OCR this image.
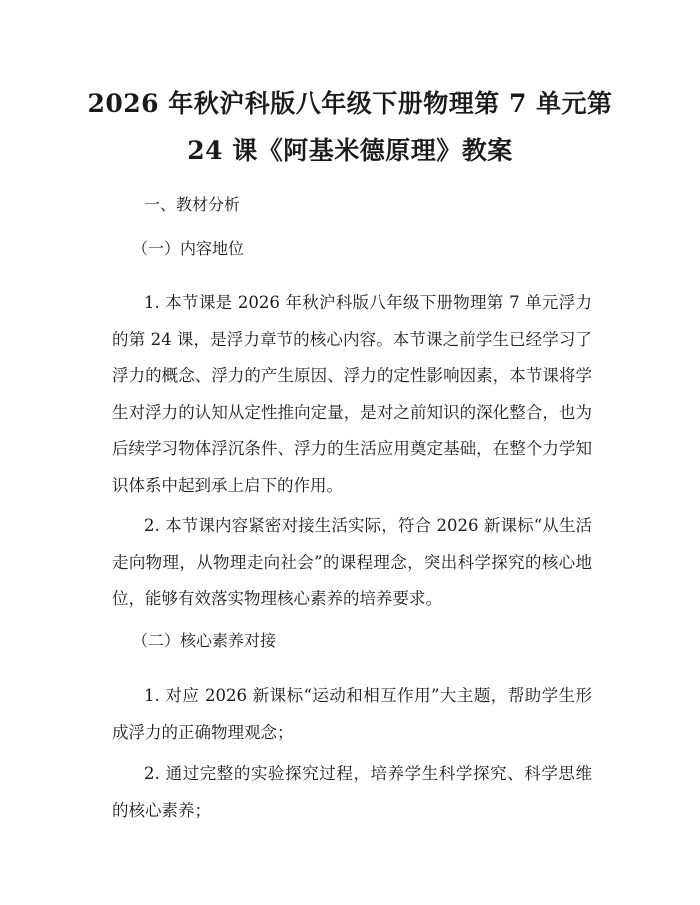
2026 年秋沪科版八年级下册物理第 7 单元第
24 课《阿基米德原理》教案
一、教材分析
（一）内容地位

1. 本节课是 2026 年秋沪科版八年级下册物理第 7 单元浮力的第 24 课，是浮力章节的核心内容。本节课之前学生已经学习了浮力的概念、浮力的产生原因、浮力的定性影响因素，本节课将学生对浮力的认知从定性推向定量，是对之前知识的深化整合，也为后续学习物体浮沉条件、浮力的生活应用奠定基础，在整个力学知识体系中起到承上启下的作用。

2. 本节课内容紧密对接生活实际，符合 2026 新课标“从生活走向物理，从物理走向社会”的课程理念，突出科学探究的核心地位，能够有效落实物理核心素养的培养要求。

（二）核心素养对接

1. 对应 2026 新课标“运动和相互作用”大主题，帮助学生形成浮力的正确物理观念；

2. 通过完整的实验探究过程，培养学生科学探究、科学思维的核心素养；
